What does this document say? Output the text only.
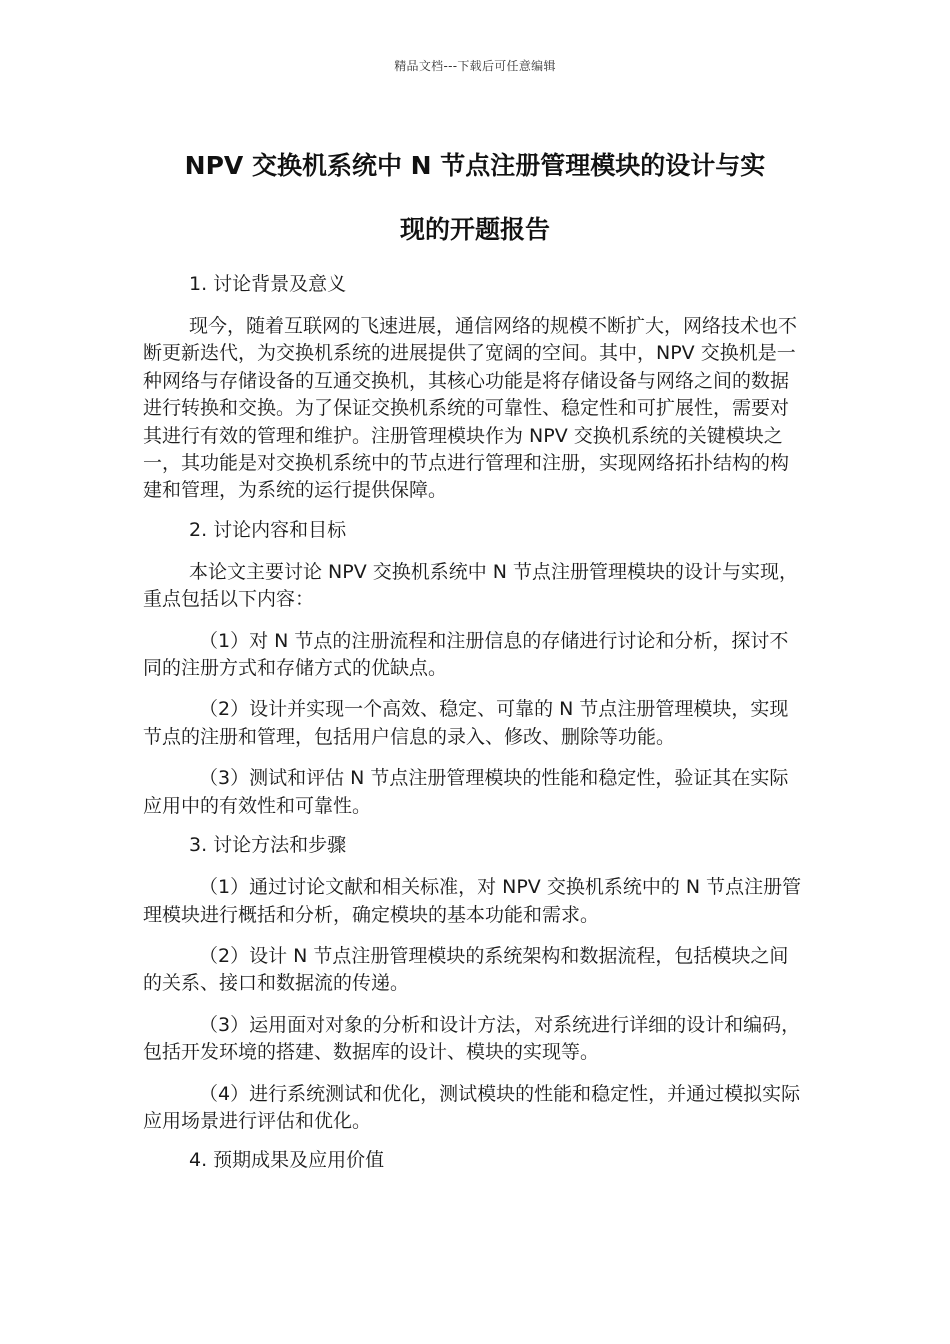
精品文档---下载后可任意编辑
NPV 交换机系统中 N 节点注册管理模块的设计与实
现的开题报告
1. 讨论背景及意义

现今，随着互联网的飞速进展，通信网络的规模不断扩大，网络技术也不断更新迭代，为交换机系统的进展提供了宽阔的空间。其中，NPV 交换机是一种网络与存储设备的互通交换机，其核心功能是将存储设备与网络之间的数据进行转换和交换。为了保证交换机系统的可靠性、稳定性和可扩展性，需要对其进行有效的管理和维护。注册管理模块作为 NPV 交换机系统的关键模块之一，其功能是对交换机系统中的节点进行管理和注册，实现网络拓扑结构的构建和管理，为系统的运行提供保障。

2. 讨论内容和目标

本论文主要讨论 NPV 交换机系统中 N 节点注册管理模块的设计与实现，重点包括以下内容：

（1）对 N 节点的注册流程和注册信息的存储进行讨论和分析，探讨不同的注册方式和存储方式的优缺点。

（2）设计并实现一个高效、稳定、可靠的 N 节点注册管理模块，实现节点的注册和管理，包括用户信息的录入、修改、删除等功能。

（3）测试和评估 N 节点注册管理模块的性能和稳定性，验证其在实际应用中的有效性和可靠性。

3. 讨论方法和步骤

（1）通过讨论文献和相关标准，对 NPV 交换机系统中的 N 节点注册管理模块进行概括和分析，确定模块的基本功能和需求。

（2）设计 N 节点注册管理模块的系统架构和数据流程，包括模块之间的关系、接口和数据流的传递。

（3）运用面对对象的分析和设计方法，对系统进行详细的设计和编码，包括开发环境的搭建、数据库的设计、模块的实现等。

（4）进行系统测试和优化，测试模块的性能和稳定性，并通过模拟实际应用场景进行评估和优化。

4. 预期成果及应用价值
